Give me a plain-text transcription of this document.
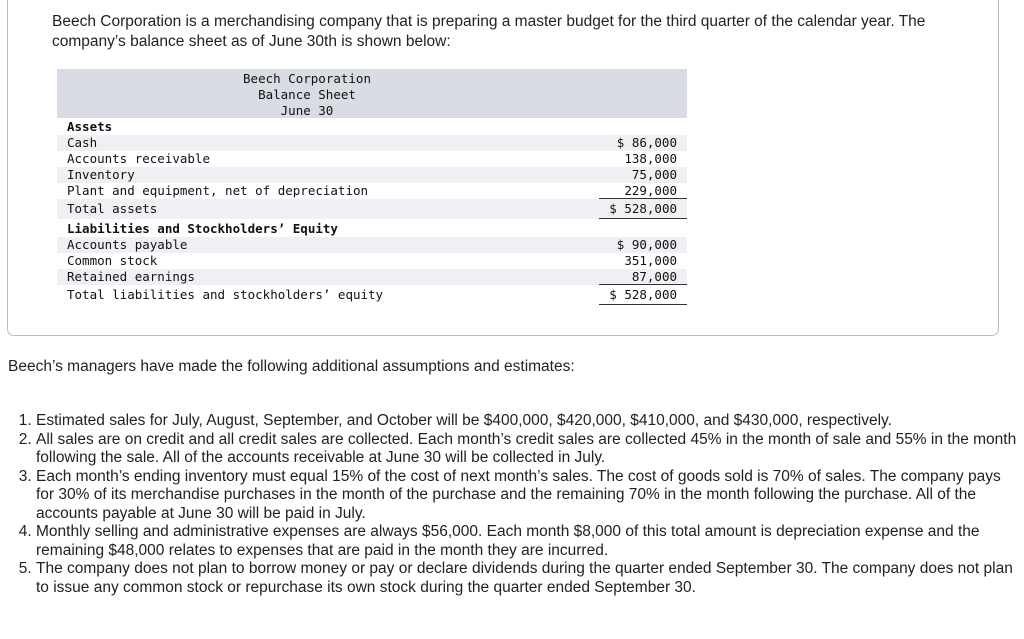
Beech Corporation is a merchandising company that is preparing a master budget for the third quarter of the calendar year. The company’s balance sheet as of June 30th is shown below:

Beech Corporation
Balance Sheet
June 30
Assets
Cash	$ 86,000
Accounts receivable	138,000
Inventory	75,000
Plant and equipment, net of depreciation	229,000
Total assets	$ 528,000
Liabilities and Stockholders’ Equity
Accounts payable	$ 90,000
Common stock	351,000
Retained earnings	87,000
Total liabilities and stockholders’ equity	$ 528,000

Beech’s managers have made the following additional assumptions and estimates:

1. Estimated sales for July, August, September, and October will be $400,000, $420,000, $410,000, and $430,000, respectively.
2. All sales are on credit and all credit sales are collected. Each month’s credit sales are collected 45% in the month of sale and 55% in the month following the sale. All of the accounts receivable at June 30 will be collected in July.
3. Each month’s ending inventory must equal 15% of the cost of next month’s sales. The cost of goods sold is 70% of sales. The company pays for 30% of its merchandise purchases in the month of the purchase and the remaining 70% in the month following the purchase. All of the accounts payable at June 30 will be paid in July.
4. Monthly selling and administrative expenses are always $56,000. Each month $8,000 of this total amount is depreciation expense and the remaining $48,000 relates to expenses that are paid in the month they are incurred.
5. The company does not plan to borrow money or pay or declare dividends during the quarter ended September 30. The company does not plan to issue any common stock or repurchase its own stock during the quarter ended September 30.
